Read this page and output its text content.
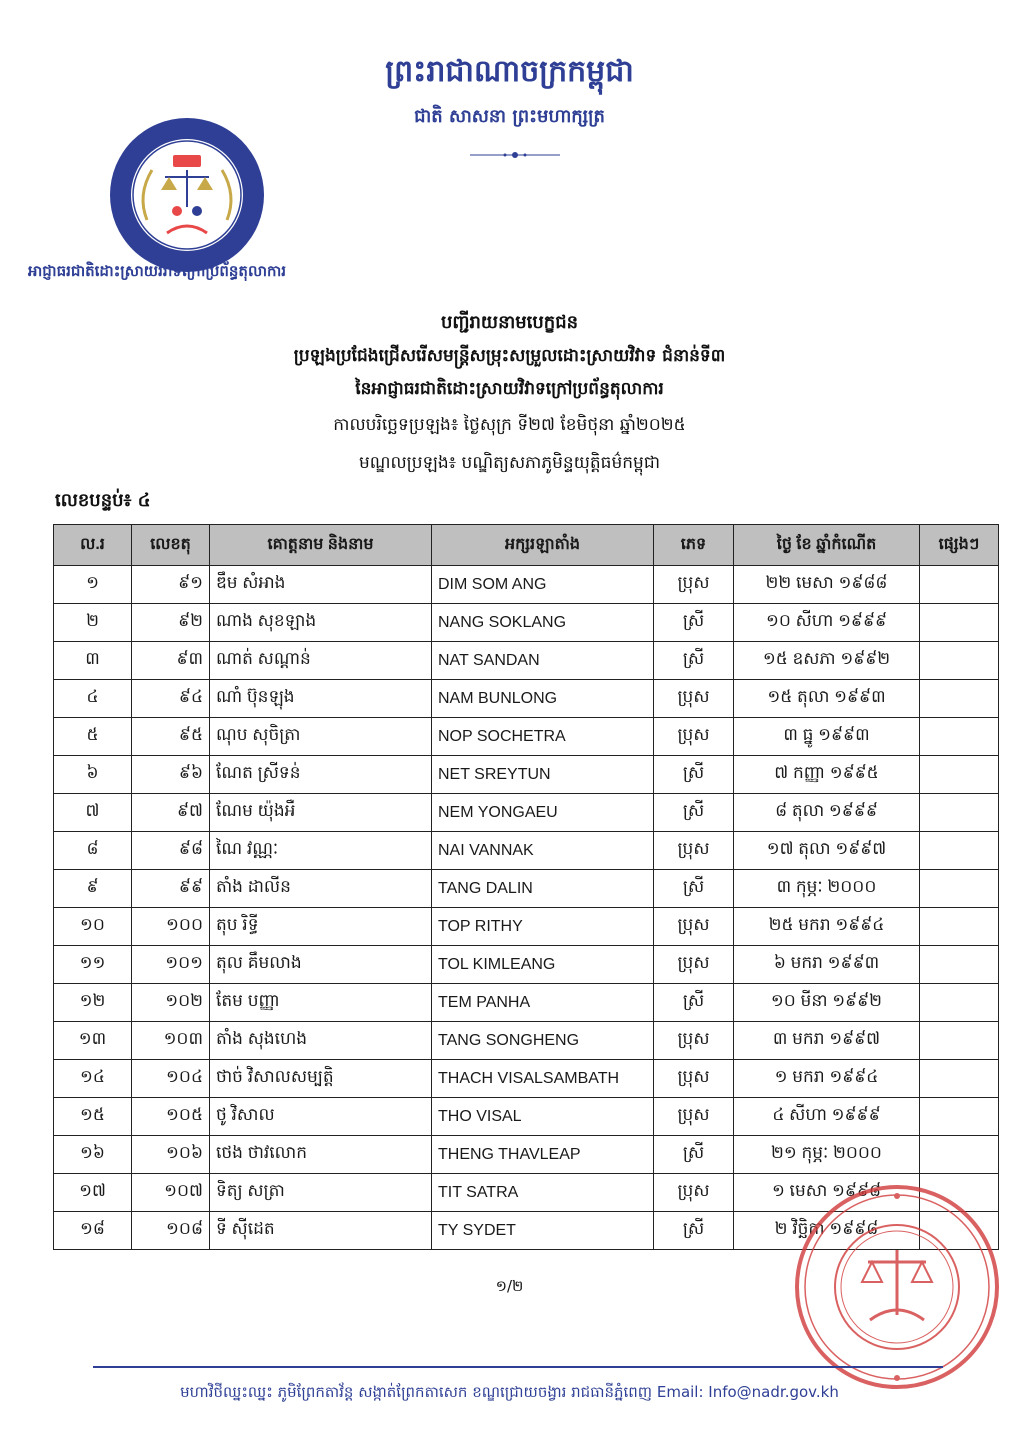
ព្រះរាជាណាចក្រកម្ពុជា
ជាតិ សាសនា ព្រះមហាក្សត្រ
អាជ្ញាធរជាតិដោះស្រាយវិវាទក្រៅប្រព័ន្ធតុលាការ
បញ្ជីរាយនាមបេក្ខជន
ប្រឡងប្រជែងជ្រើសរើសមន្ត្រីសម្រុះសម្រួលដោះស្រាយវិវាទ ជំនាន់ទី៣
នៃអាជ្ញាធរជាតិដោះស្រាយវិវាទក្រៅប្រព័ន្ធតុលាការ
កាលបរិច្ឆេទប្រឡង៖ ថ្ងៃសុក្រ ទី២៧ ខែមិថុនា ឆ្នាំ២០២៥
មណ្ឌលប្រឡង៖ បណ្ឌិត្យសភាភូមិន្ទយុត្តិធម៌កម្ពុជា
លេខបន្ទប់៖ ៤
ល.រ	លេខតុ	គោត្តនាម និងនាម	អក្សរឡាតាំង	ភេទ	ថ្ងៃ ខែ ឆ្នាំកំណើត	ផ្សេងៗ
១	៩១	ឌឹម សំអាង	DIM SOM ANG	ប្រុស	២២ មេសា ១៩៨៨	
២	៩២	ណាង សុខឡាង	NANG SOKLANG	ស្រី	១០ សីហា ១៩៩៩	
៣	៩៣	ណាត់ សណ្ដាន់	NAT SANDAN	ស្រី	១៥ ឧសភា ១៩៩២	
៤	៩៤	ណាំ ប៊ុនឡុង	NAM BUNLONG	ប្រុស	១៥ តុលា ១៩៩៣	
៥	៩៥	ណុប សុចិត្រា	NOP SOCHETRA	ប្រុស	៣ ធ្នូ ១៩៩៣	
៦	៩៦	ណែត ស្រីទន់	NET SREYTUN	ស្រី	៧ កញ្ញា ១៩៩៥	
៧	៩៧	ណែម យ៉ុងអឺ	NEM YONGAEU	ស្រី	៨ តុលា ១៩៩៩	
៨	៩៨	ណៃ វណ្ណៈ	NAI VANNAK	ប្រុស	១៧ តុលា ១៩៩៧	
៩	៩៩	តាំង ដាលីន	TANG DALIN	ស្រី	៣ កុម្ភៈ ២០០០	
១០	១០០	តុប រិទ្ធី	TOP RITHY	ប្រុស	២៥ មករា ១៩៩៤	
១១	១០១	តុល គឹមលាង	TOL KIMLEANG	ប្រុស	៦ មករា ១៩៩៣	
១២	១០២	តែម បញ្ញា	TEM PANHA	ស្រី	១០ មីនា ១៩៩២	
១៣	១០៣	តាំង សុងហេង	TANG SONGHENG	ប្រុស	៣ មករា ១៩៩៧	
១៤	១០៤	ថាច់ វិសាលសម្បត្តិ	THACH VISALSAMBATH	ប្រុស	១ មករា ១៩៩៤	
១៥	១០៥	ថូ វិសាល	THO VISAL	ប្រុស	៤ សីហា ១៩៩៩	
១៦	១០៦	ថេង ថាវលោក	THENG THAVLEAP	ស្រី	២១ កុម្ភៈ ២០០០	
១៧	១០៧	ទិត្យ សត្រា	TIT SATRA	ប្រុស	១ មេសា ១៩៩៨	
១៨	១០៨	ទី ស៊ីដេត	TY SYDET	ស្រី	២ វិច្ឆិកា ១៩៩៨	
១/២
មហាវិថីឈ្នះឈ្នះ ភូមិព្រែកតាវ័ន្ត សង្កាត់ព្រែកតាសេក ខណ្ឌជ្រោយចង្វារ រាជធានីភ្នំពេញ Email: Info@nadr.gov.kh
